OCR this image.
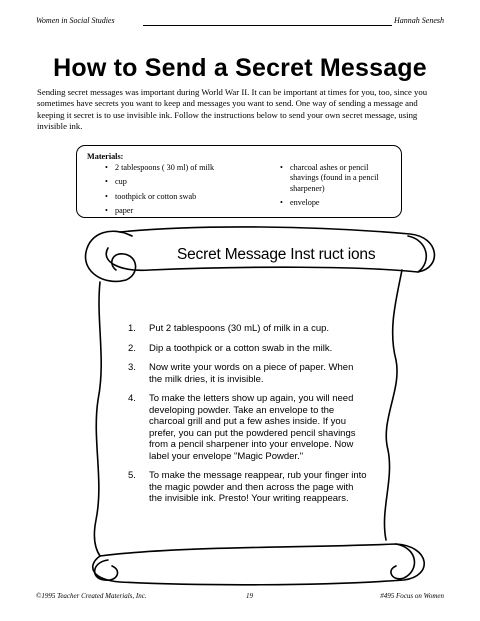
Women in Social Studies	Hannah Senesh
How to Send a Secret Message
Sending secret messages was important during World War II. It can be important at times for you, too, since you sometimes have secrets you want to keep and messages you want to send. One way of sending a message and keeping it secret is to use invisible ink. Follow the instructions below to send your own secret message, using invisible ink.
Materials:
• 2 tablespoons ( 30 ml) of milk
• cup
• toothpick or cotton swab
• paper
• charcoal ashes or pencil shavings (found in a pencil sharpener)
• envelope
Secret Message Inst ruct ions
1. Put 2 tablespoons (30 mL) of milk in a cup.
2. Dip a toothpick or a cotton swab in the milk.
3. Now write your words on a piece of paper. When the milk dries, it is invisible.
4. To make the letters show up again, you will need developing powder. Take an envelope to the charcoal grill and put a few ashes inside. If you prefer, you can put the powdered pencil shavings from a pencil sharpener into your envelope. Now label your envelope "Magic Powder."
5. To make the message reappear, rub your finger into the magic powder and then across the page with the invisible ink. Presto! Your writing reappears.
©1995 Teacher Created Materials, Inc.	19	#495 Focus on Women
